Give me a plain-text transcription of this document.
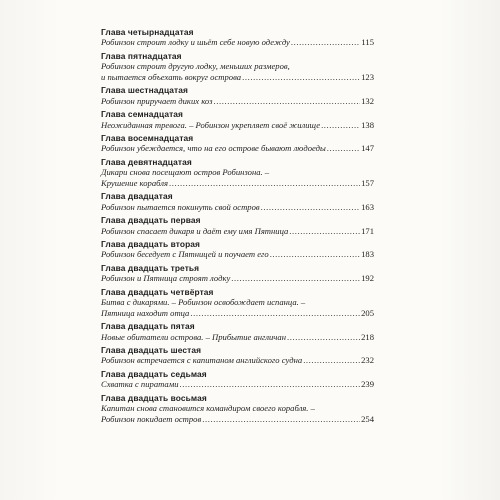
Глава четырнадцатая
Робинзон строит лодку и шьёт себе новую одежду .....	115
Глава пятнадцатая
Робинзон строит другую лодку, меньших размеров,
и пытается объехать вокруг острова .....	123
Глава шестнадцатая
Робинзон приручает диких коз .....	132
Глава семнадцатая
Неожиданная тревога. – Робинзон укрепляет своё жилище .....	138
Глава восемнадцатая
Робинзон убеждается, что на его острове бывают людоеды .....	147
Глава девятнадцатая
Дикари снова посещают остров Робинзона. –
Крушение корабля .....	157
Глава двадцатая
Робинзон пытается покинуть свой остров .....	163
Глава двадцать первая
Робинзон спасает дикаря и даёт ему имя Пятница .....	171
Глава двадцать вторая
Робинзон беседует с Пятницей и поучает его .....	183
Глава двадцать третья
Робинзон и Пятница строят лодку .....	192
Глава двадцать четвёртая
Битва с дикарями. – Робинзон освобождает испанца. –
Пятница находит отца .....	205
Глава двадцать пятая
Новые обитатели острова. – Прибытие англичан .....	218
Глава двадцать шестая
Робинзон встречается с капитаном английского судна .....	232
Глава двадцать седьмая
Схватка с пиратами .....	239
Глава двадцать восьмая
Капитан снова становится командиром своего корабля. –
Робинзон покидает остров .....	254
